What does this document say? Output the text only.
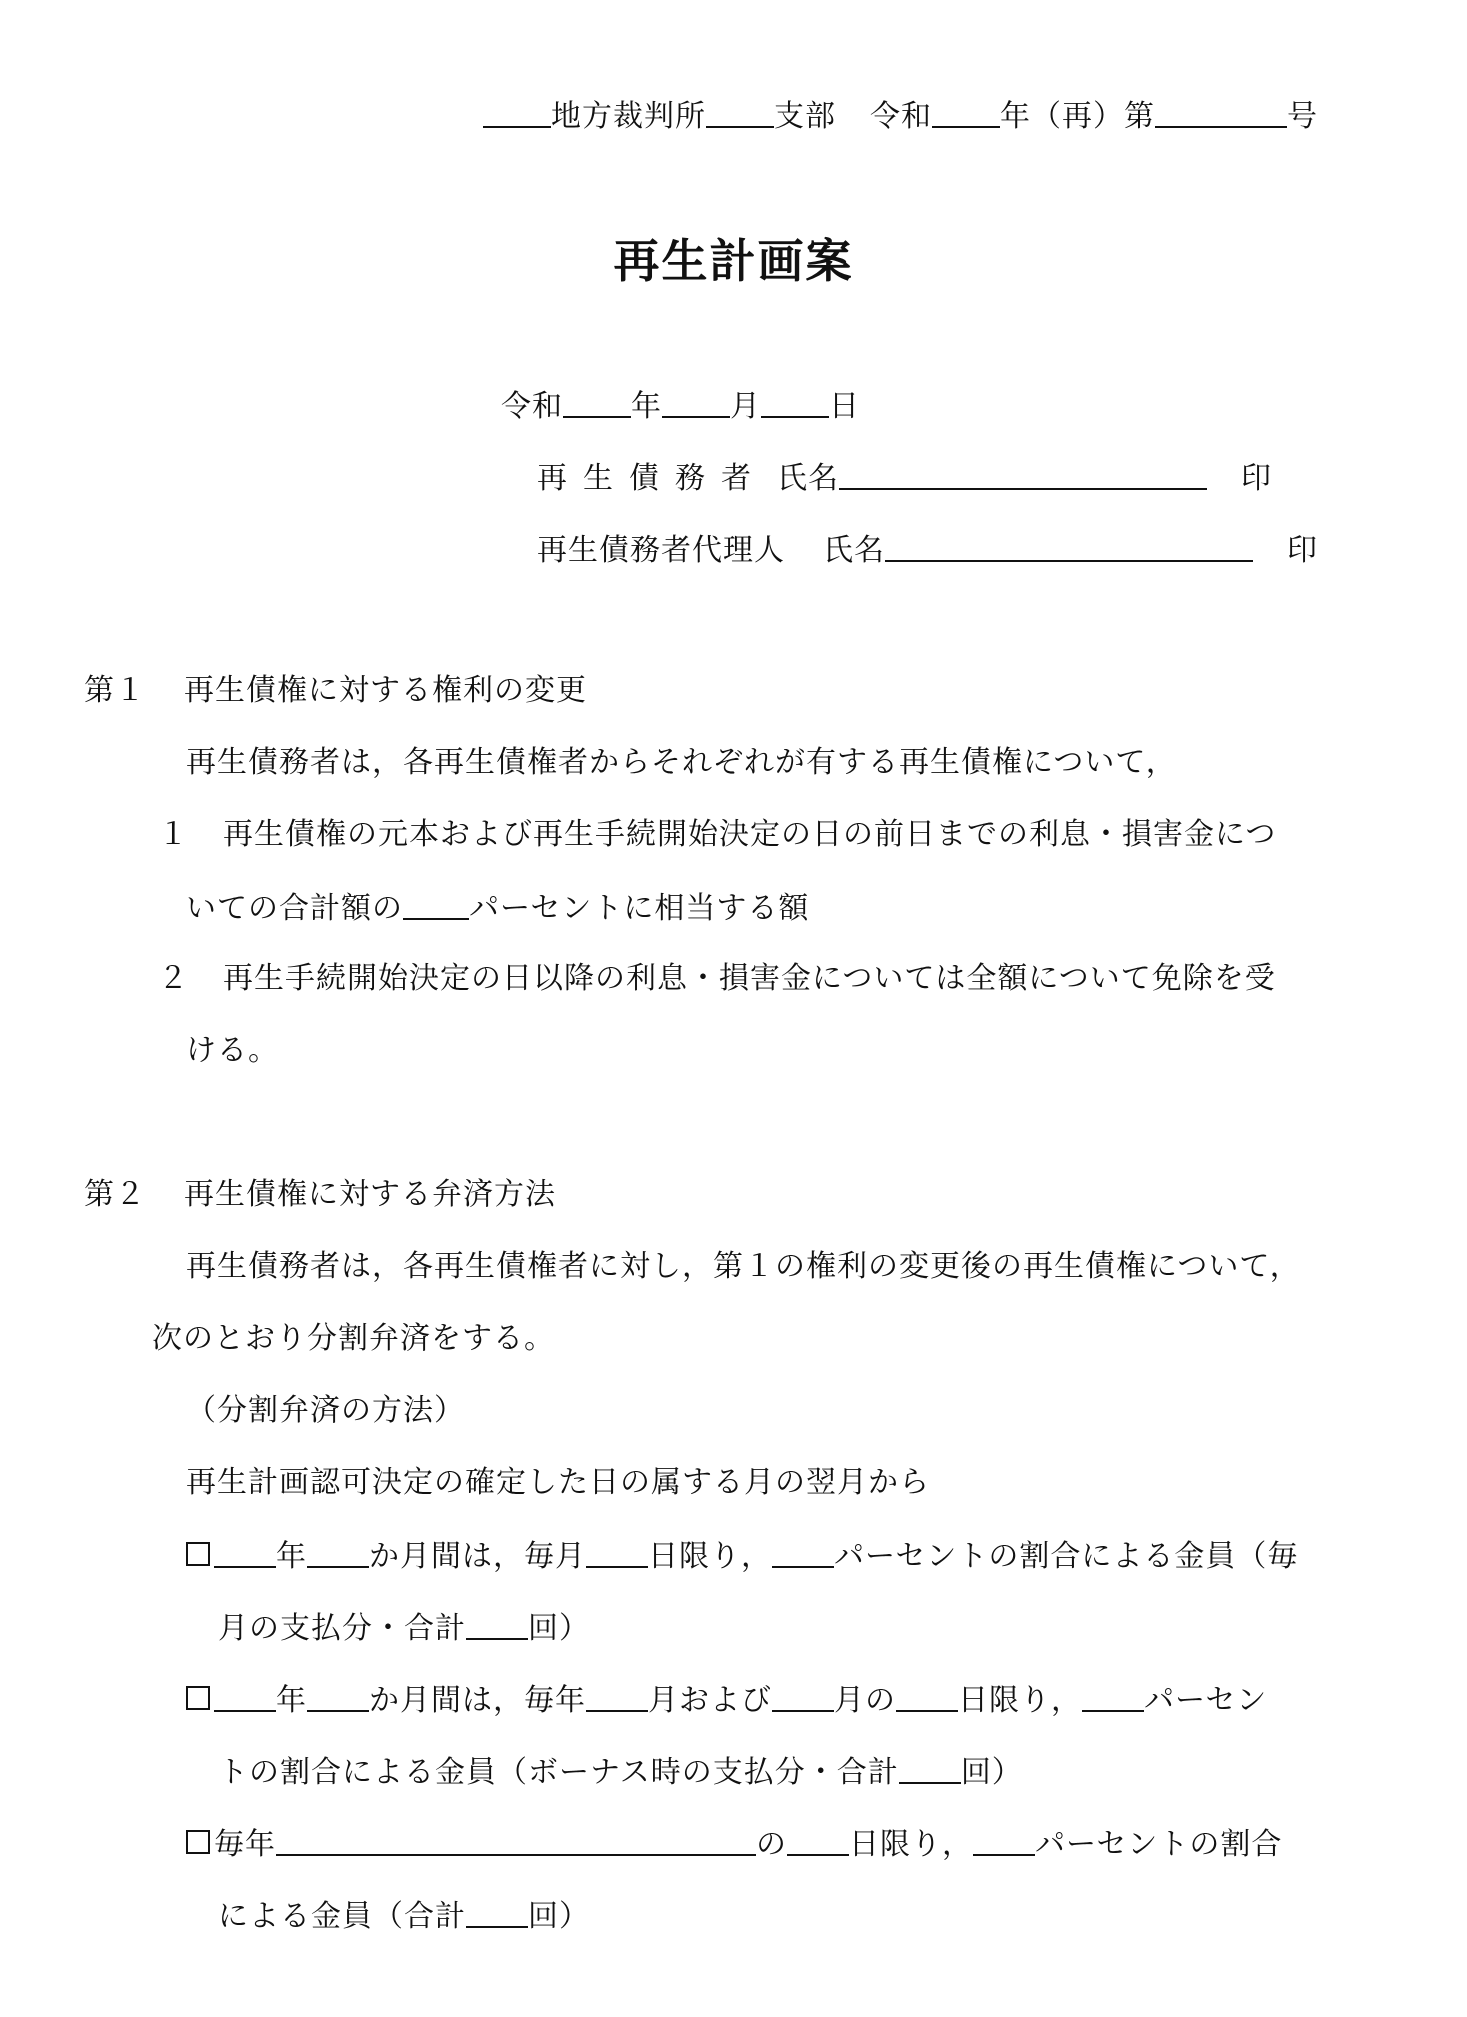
地方裁判所 支部 令和 年（再）第	号
再生計画案
令和 年 月 日
再生債務者 氏名	印
再生債務者代理人 氏名	印
第１ 再生債権に対する権利の変更
再生債務者は，各再生債権者からそれぞれが有する再生債権について，
１ 再生債権の元本および再生手続開始決定の日の前日までの利息・損害金につ
いての合計額の パーセントに相当する額
２ 再生手続開始決定の日以降の利息・損害金については全額について免除を受
ける。
第２ 再生債権に対する弁済方法
再生債務者は，各再生債権者に対し，第１の権利の変更後の再生債権について，
次のとおり分割弁済をする。
（分割弁済の方法）
再生計画認可決定の確定した日の属する月の翌月から
年 か月間は，毎月 日限り， パーセントの割合による金員（毎
月の支払分・合計 回）
年 か月間は，毎年 月および 月の 日限り， パーセン
トの割合による金員（ボーナス時の支払分・合計 回）
毎年	の 日限り， パーセントの割合
による金員（合計 回）
